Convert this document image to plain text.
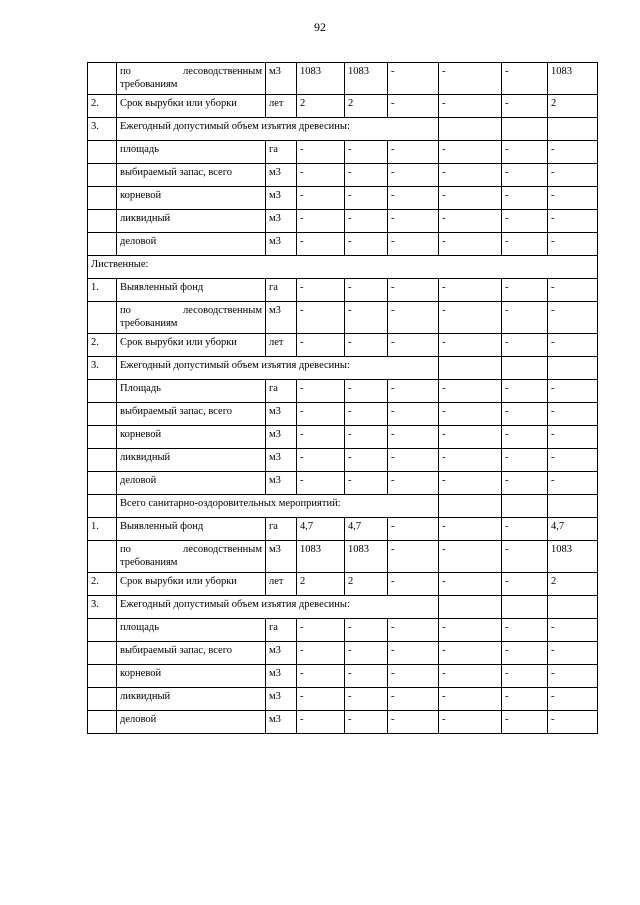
92

	по лесоводственным
требованиям	м3	1083	1083	-	-	-	1083
2.	Срок вырубки или уборки	лет	2	2	-	-	-	2
3.	Ежегодный допустимый объем изъятия древесины:							
	площадь	га	-	-	-	-	-	-
	выбираемый запас, всего	м3	-	-	-	-	-	-
	корневой	м3	-	-	-	-	-	-
	ликвидный	м3	-	-	-	-	-	-
	деловой	м3	-	-	-	-	-	-
Лиственные:								
1.	Выявленный фонд	га	-	-	-	-	-	-

	по лесоводственным
требованиям	м3	-	-	-	-	-	-
2.	Срок вырубки или уборки	лет	-	-	-	-	-	-
3.	Ежегодный допустимый объем изъятия древесины:							
	Площадь	га	-	-	-	-	-	-
	выбираемый запас, всего	м3	-	-	-	-	-	-
	корневой	м3	-	-	-	-	-	-
	ликвидный	м3	-	-	-	-	-	-
	деловой	м3	-	-	-	-	-	-
	Всего санитарно-оздоровительных мероприятий:							
1.	Выявленный фонд	га	4,7	4,7	-	-	-	4,7

	по лесоводственным
требованиям	м3	1083	1083	-	-	-	1083
2.	Срок вырубки или уборки	лет	2	2	-	-	-	2
3.	Ежегодный допустимый объем изъятия древесины:							
	площадь	га	-	-	-	-	-	-
	выбираемый запас, всего	м3	-	-	-	-	-	-
	корневой	м3	-	-	-	-	-	-
	ликвидный	м3	-	-	-	-	-	-
	деловой	м3	-	-	-	-	-	-
